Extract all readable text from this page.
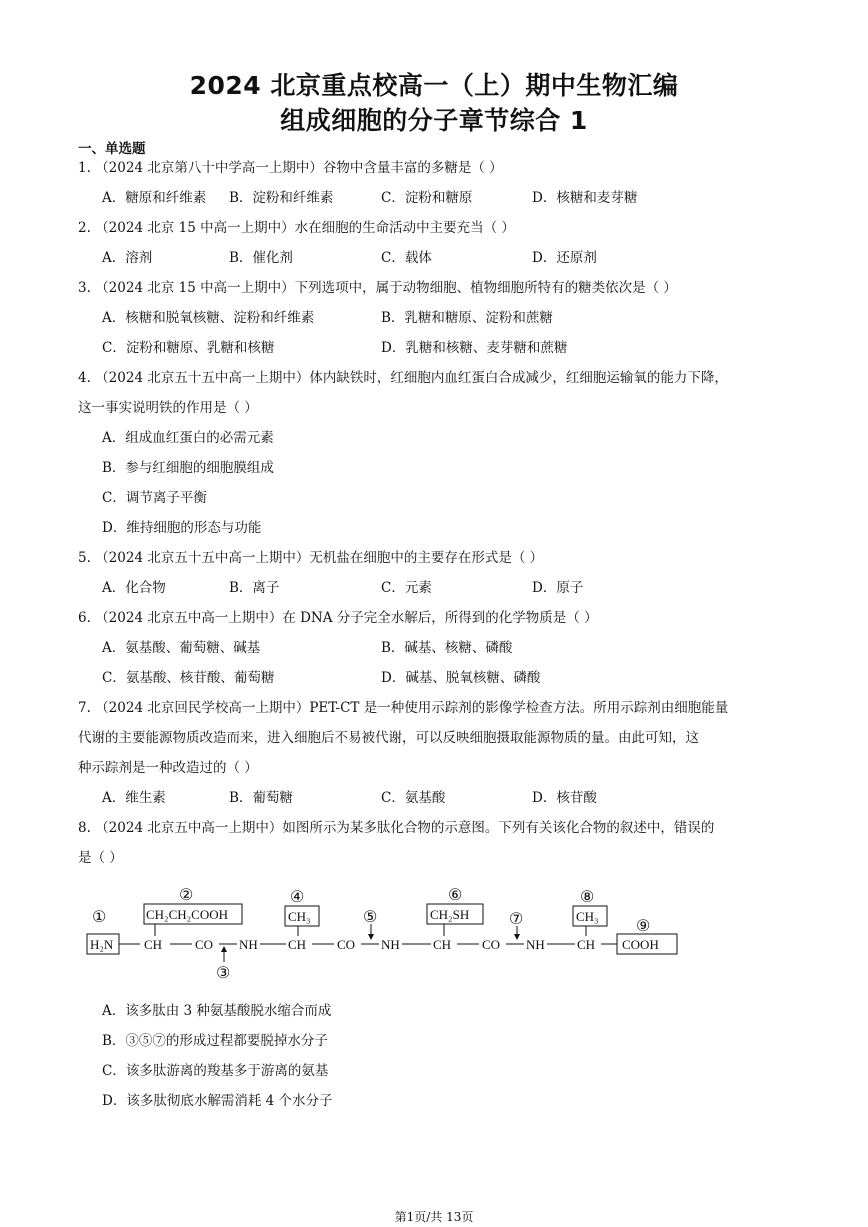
2024 北京重点校高一（上）期中生物汇编
组成细胞的分子章节综合 1
一、单选题
1. （2024 北京第八十中学高一上期中）谷物中含量丰富的多糖是（ ）
A．糖原和纤维素 B．淀粉和纤维素	C．淀粉和糖原	D．核糖和麦芽糖
2. （2024 北京 15 中高一上期中）水在细胞的生命活动中主要充当（ ）
A．溶剂	B．催化剂	C．载体	D．还原剂
3. （2024 北京 15 中高一上期中）下列选项中，属于动物细胞、植物细胞所特有的糖类依次是（ ）
A．核糖和脱氧核糖、淀粉和纤维素	B．乳糖和糖原、淀粉和蔗糖
C．淀粉和糖原、乳糖和核糖	D．乳糖和核糖、麦芽糖和蔗糖
4. （2024 北京五十五中高一上期中）体内缺铁时，红细胞内血红蛋白合成减少，红细胞运输氧的能力下降，
这一事实说明铁的作用是（ ）
A．组成血红蛋白的必需元素
B．参与红细胞的细胞膜组成
C．调节离子平衡
D．维持细胞的形态与功能
5. （2024 北京五十五中高一上期中）无机盐在细胞中的主要存在形式是（ ）
A．化合物	B．离子	C．元素	D．原子
6. （2024 北京五中高一上期中）在 DNA 分子完全水解后，所得到的化学物质是（ ）
A．氨基酸、葡萄糖、碱基	B．碱基、核糖、磷酸
C．氨基酸、核苷酸、葡萄糖	D．碱基、脱氧核糖、磷酸
7. （2024 北京回民学校高一上期中）PET-CT 是一种使用示踪剂的影像学检查方法。所用示踪剂由细胞能量
代谢的主要能源物质改造而来，进入细胞后不易被代谢，可以反映细胞摄取能源物质的量。由此可知，这
种示踪剂是一种改造过的（ ）
A．维生素	B．葡萄糖	C．氨基酸	D．核苷酸
8. （2024 北京五中高一上期中）如图所示为某多肽化合物的示意图。下列有关该化合物的叙述中，错误的
是（ ）
①
②
③
④
⑤
⑥
⑦
⑧
⑨
H₂N
CH₂CH₂COOH	CH₃	CH₂SH	CH₃
CH	CO NH CH CO NH	CH CO NH CH COOH
A．该多肽由 3 种氨基酸脱水缩合而成
B．③⑤⑦的形成过程都要脱掉水分子
C．该多肽游离的羧基多于游离的氨基
D．该多肽彻底水解需消耗 4 个水分子
第1页/共 13页
